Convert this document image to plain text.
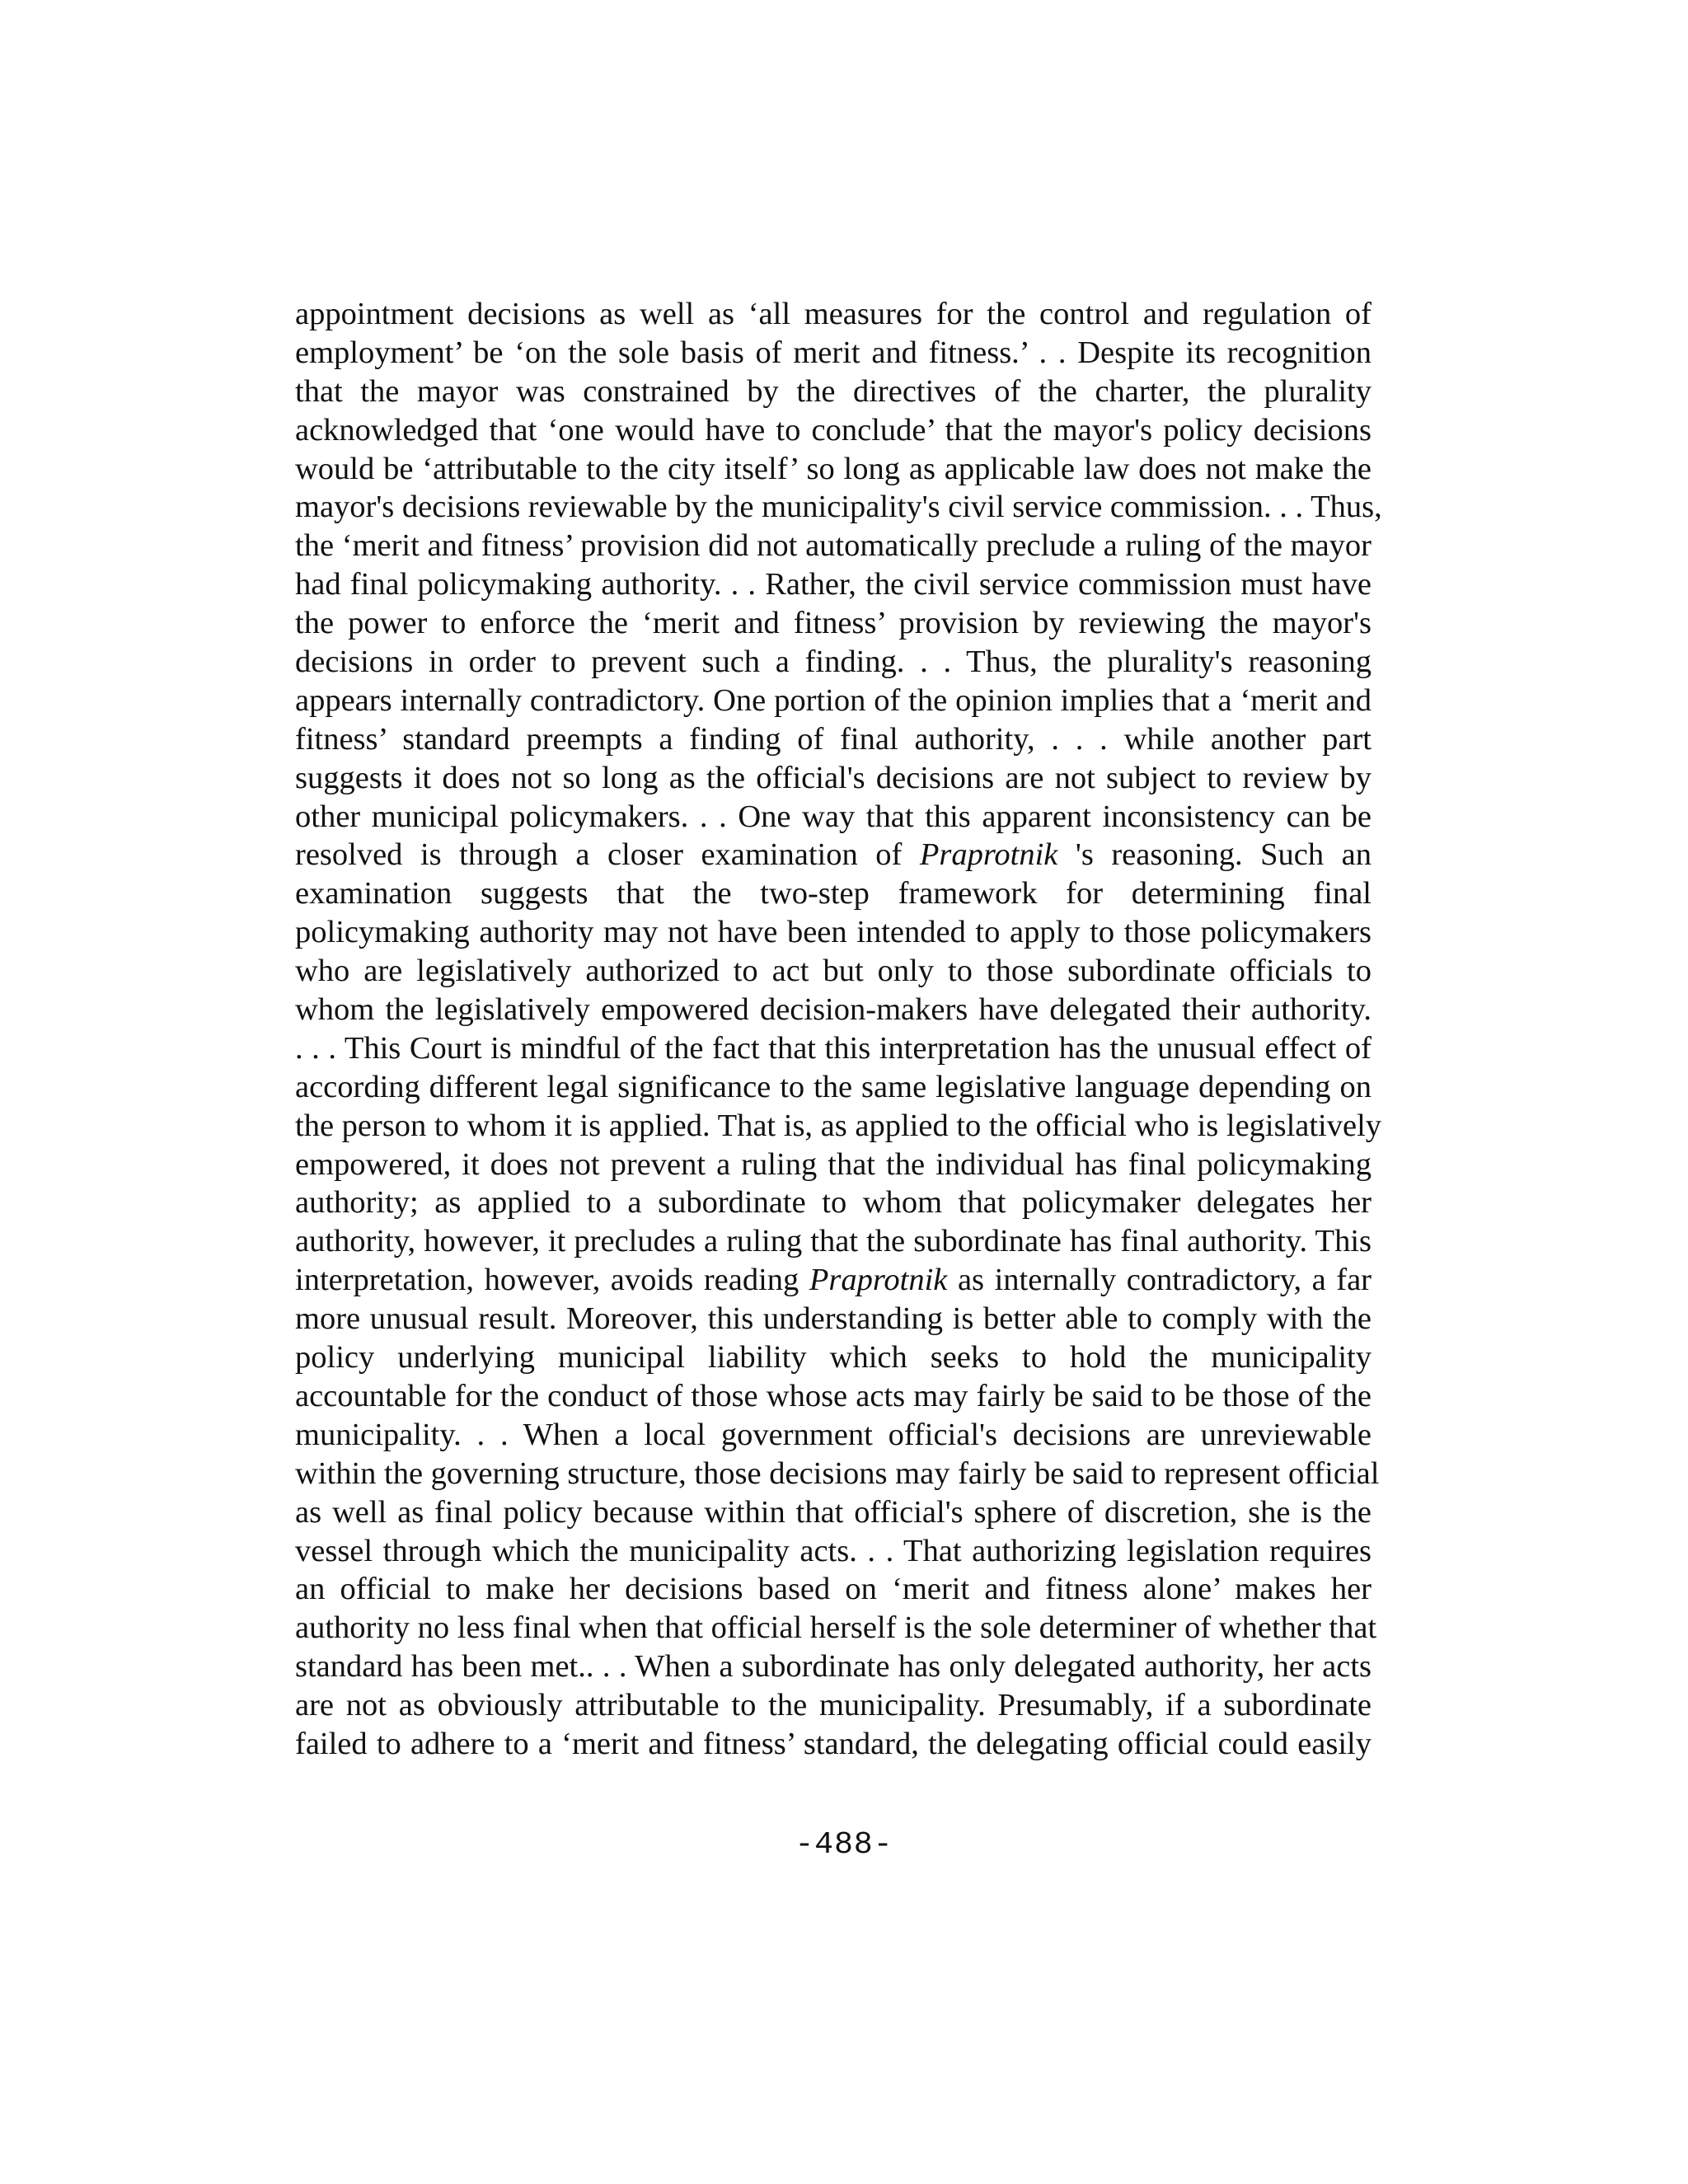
appointment decisions as well as ‘all measures for the control and regulation of
employment’ be ‘on the sole basis of merit and fitness.’ . . Despite its recognition
that the mayor was constrained by the directives of the charter, the plurality
acknowledged that ‘one would have to conclude’ that the mayor's policy decisions
would be ‘attributable to the city itself’ so long as applicable law does not make the
mayor's decisions reviewable by the municipality's civil service commission. . . Thus,
the ‘merit and fitness’ provision did not automatically preclude a ruling of the mayor
had final policymaking authority. . . Rather, the civil service commission must have
the power to enforce the ‘merit and fitness’ provision by reviewing the mayor's
decisions in order to prevent such a finding. . . Thus, the plurality's reasoning
appears internally contradictory. One portion of the opinion implies that a ‘merit and
fitness’ standard preempts a finding of final authority, . . . while another part
suggests it does not so long as the official's decisions are not subject to review by
other municipal policymakers. . . One way that this apparent inconsistency can be
resolved is through a closer examination of Praprotnik 's reasoning. Such an
examination suggests that the two-step framework for determining final
policymaking authority may not have been intended to apply to those policymakers
who are legislatively authorized to act but only to those subordinate officials to
whom the legislatively empowered decision-makers have delegated their authority.
. . . This Court is mindful of the fact that this interpretation has the unusual effect of
according different legal significance to the same legislative language depending on
the person to whom it is applied. That is, as applied to the official who is legislatively
empowered, it does not prevent a ruling that the individual has final policymaking
authority; as applied to a subordinate to whom that policymaker delegates her
authority, however, it precludes a ruling that the subordinate has final authority. This
interpretation, however, avoids reading Praprotnik as internally contradictory, a far
more unusual result. Moreover, this understanding is better able to comply with the
policy underlying municipal liability which seeks to hold the municipality
accountable for the conduct of those whose acts may fairly be said to be those of the
municipality. . . When a local government official's decisions are unreviewable
within the governing structure, those decisions may fairly be said to represent official
as well as final policy because within that official's sphere of discretion, she is the
vessel through which the municipality acts. . . That authorizing legislation requires
an official to make her decisions based on ‘merit and fitness alone’ makes her
authority no less final when that official herself is the sole determiner of whether that
standard has been met.. . . When a subordinate has only delegated authority, her acts
are not as obviously attributable to the municipality. Presumably, if a subordinate
failed to adhere to a ‘merit and fitness’ standard, the delegating official could easily
-488-
